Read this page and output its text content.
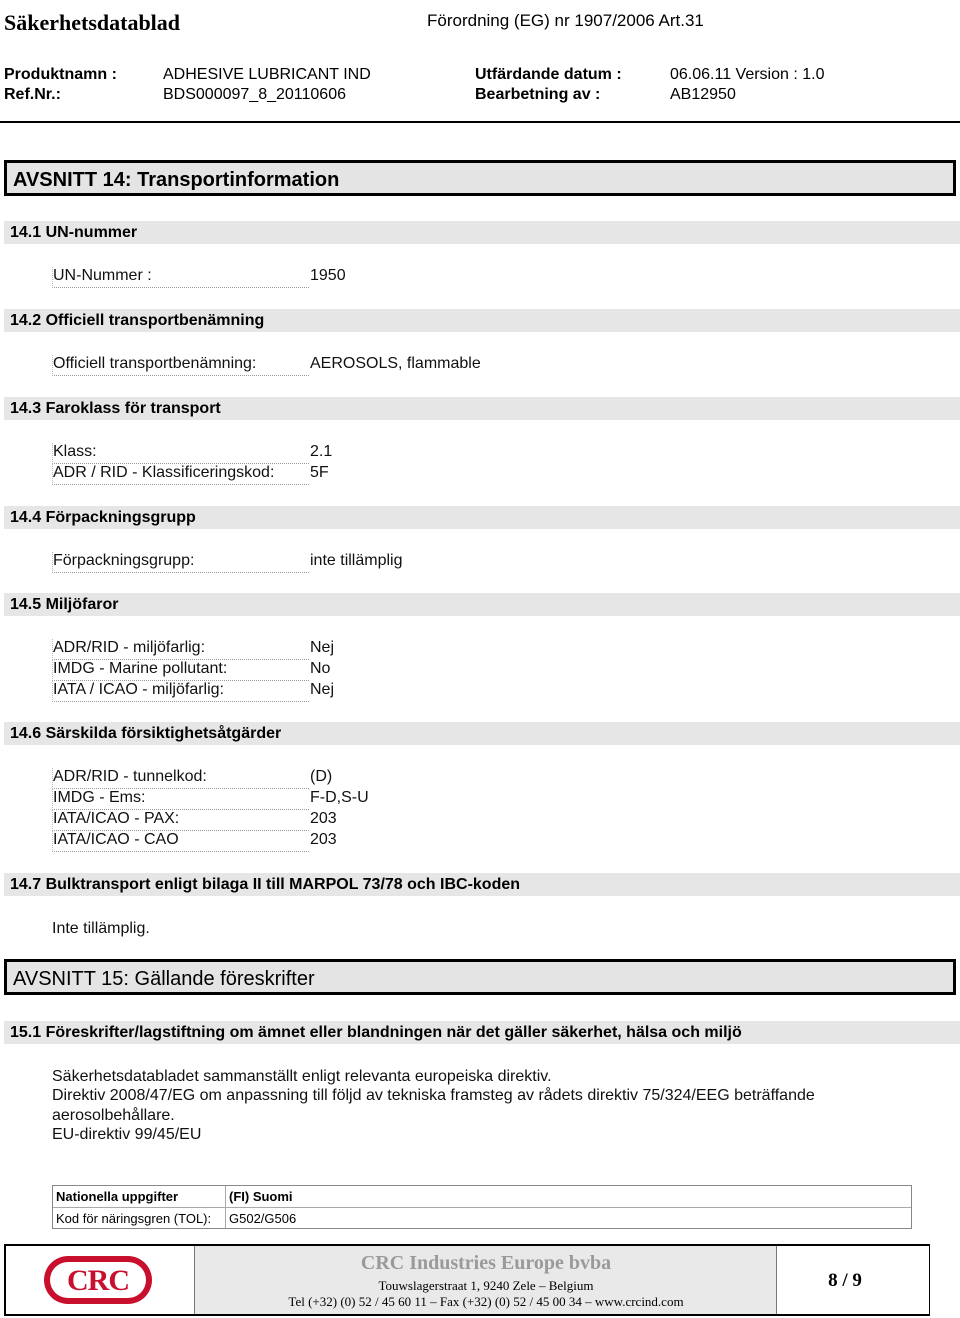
Säkerhetsdatablad	Förordning (EG) nr 1907/2006 Art.31
Produktnamn :	ADHESIVE LUBRICANT IND	Utfärdande datum :	06.06.11 Version : 1.0
Ref.Nr.:	BDS000097_8_20110606	Bearbetning av :	AB12950
AVSNITT 14: Transportinformation
14.1 UN-nummer
UN-Nummer :	1950
14.2 Officiell transportbenämning
Officiell transportbenämning:	AEROSOLS, flammable
14.3 Faroklass för transport
Klass:	2.1
ADR / RID - Klassificeringskod:	5F
14.4 Förpackningsgrupp
Förpackningsgrupp:	inte tillämplig
14.5 Miljöfaror
ADR/RID - miljöfarlig:	Nej
IMDG - Marine pollutant:	No
IATA / ICAO - miljöfarlig:	Nej
14.6 Särskilda försiktighetsåtgärder
ADR/RID - tunnelkod:	(D)
IMDG - Ems:	F-D,S-U
IATA/ICAO - PAX:	203
IATA/ICAO - CAO	203
14.7 Bulktransport enligt bilaga II till MARPOL 73/78 och IBC-koden
Inte tillämplig.
AVSNITT 15: Gällande föreskrifter
15.1 Föreskrifter/lagstiftning om ämnet eller blandningen när det gäller säkerhet, hälsa och miljö
Säkerhetsdatabladet sammanställt enligt relevanta europeiska direktiv.
Direktiv 2008/47/EG om anpassning till följd av tekniska framsteg av rådets direktiv 75/324/EEG beträffande
aerosolbehållare.
EU-direktiv 99/45/EU
Nationella uppgifter	(FI) Suomi
Kod för näringsgren (TOL): G502/G506
CRC
CRC Industries Europe bvba
Touwslagerstraat 1, 9240 Zele – Belgium
Tel (+32) (0) 52 / 45 60 11 – Fax (+32) (0) 52 / 45 00 34 – www.crcind.com
8 / 9
